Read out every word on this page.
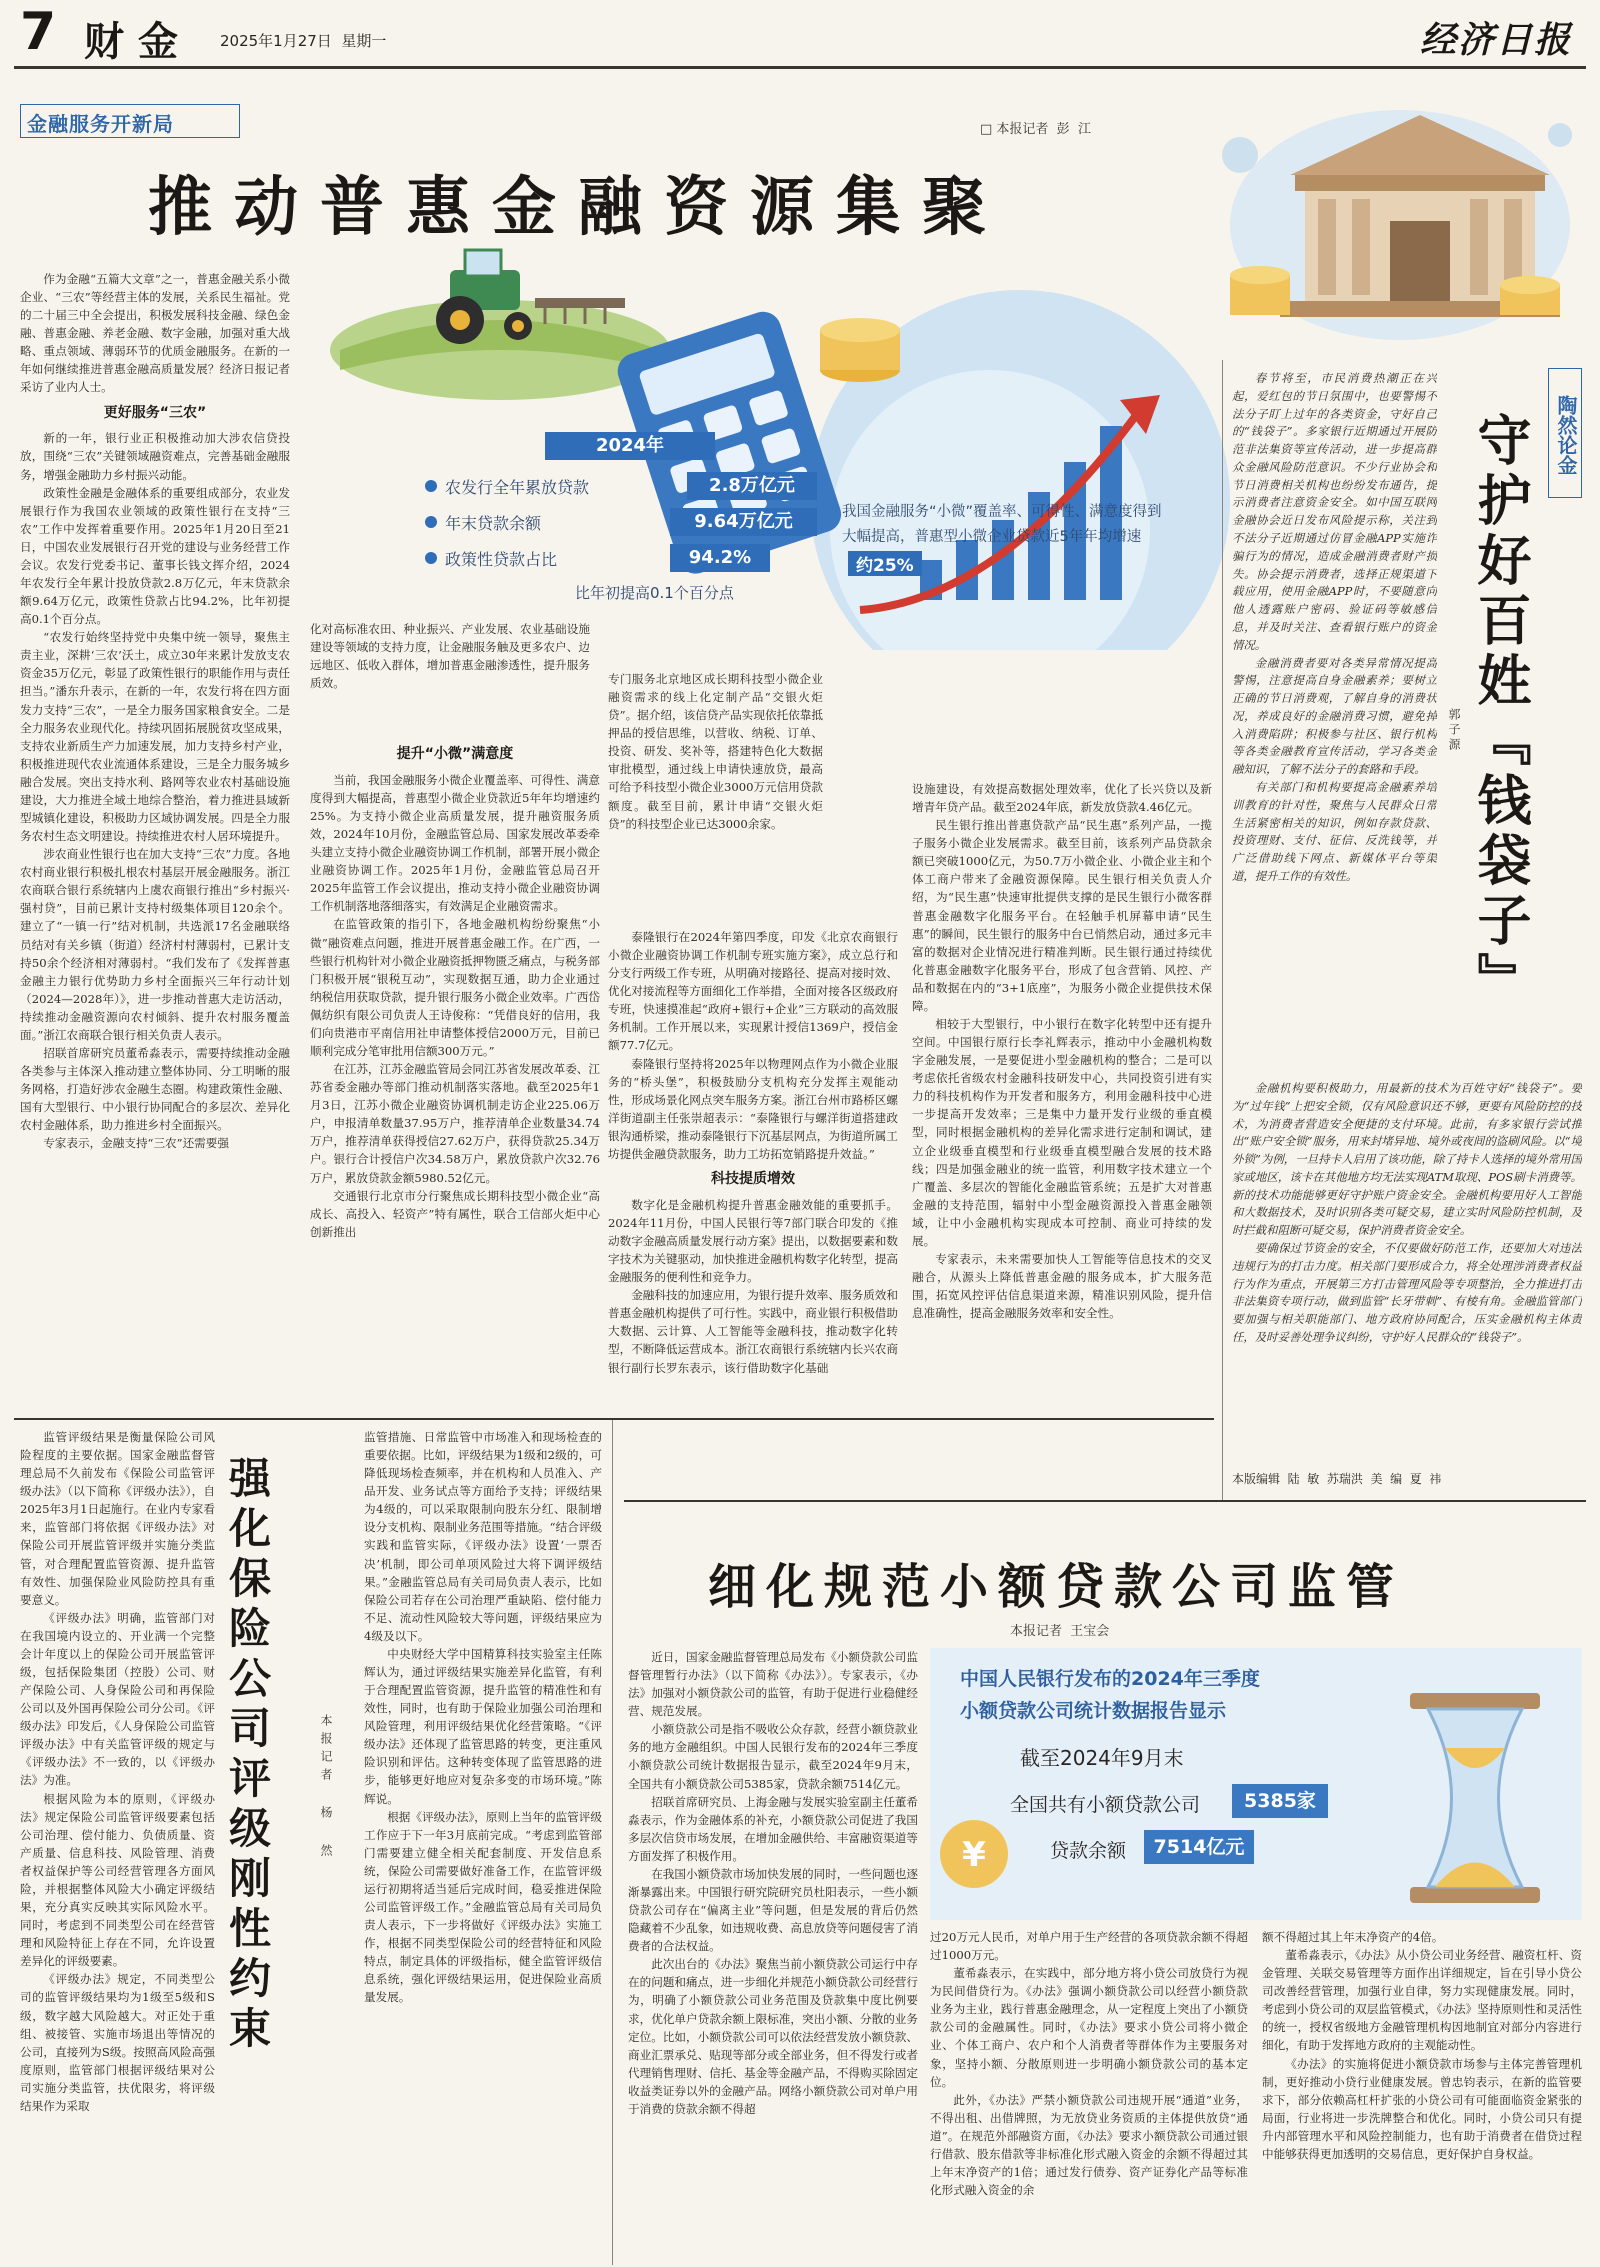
7 财金 2025年1月27日  星期一	经济日报
金融服务开新局	□ 本报记者  彭  江
推动普惠金融资源集聚
2024年
农发行全年累放贷款	2.8万亿元
年末贷款余额	9.64万亿元
政策性贷款占比	94.2%
比年初提高0.1个百分点
我国金融服务“小微”覆盖率、可得性、满意度得到大幅提高，普惠型小微企业贷款近5年年均增速 约25%

作为金融“五篇大文章”之一，普惠金融关系小微企业、“三农”等经营主体的发展，关系民生福祉。党的二十届三中全会提出，积极发展科技金融、绿色金融、普惠金融、养老金融、数字金融，加强对重大战略、重点领域、薄弱环节的优质金融服务。在新的一年如何继续推进普惠金融高质量发展？经济日报记者采访了业内人士。

更好服务“三农”

新的一年，银行业正积极推动加大涉农信贷投放，围绕“三农”关键领域融资难点，完善基础金融服务，增强金融助力乡村振兴动能。

政策性金融是金融体系的重要组成部分，农业发展银行作为我国农业领域的政策性银行在支持“三农”工作中发挥着重要作用。2025年1月20日至21日，中国农业发展银行召开党的建设与业务经营工作会议。农发行党委书记、董事长钱文挥介绍，2024年农发行全年累计投放贷款2.8万亿元，年末贷款余额9.64万亿元，政策性贷款占比94.2%，比年初提高0.1个百分点。

“农发行始终坚持党中央集中统一领导，聚焦主责主业，深耕‘三农’沃土，成立30年来累计发放支农资金35万亿元，彰显了政策性银行的职能作用与责任担当。”潘东升表示，在新的一年，农发行将在四方面发力支持“三农”，一是全力服务国家粮食安全。二是全力服务农业现代化。持续巩固拓展脱贫攻坚成果，支持农业新质生产力加速发展，加力支持乡村产业，积极推进现代农业流通体系建设，三是全力服务城乡融合发展。突出支持水利、路网等农业农村基础设施建设，大力推进全域土地综合整治，着力推进县域新型城镇化建设，积极助力区域协调发展。四是全力服务农村生态文明建设。持续推进农村人居环境提升。

涉农商业性银行也在加大支持“三农”力度。各地农村商业银行积极扎根农村基层开展金融服务。浙江农商联合银行系统辖内上虞农商银行推出“乡村振兴·强村贷”，目前已累计支持村级集体项目120余个。建立了“一镇一行”结对机制，共选派17名金融联络员结对有关乡镇（街道）经济村村薄弱村，已累计支持50余个经济相对薄弱村。“我们发布了《发挥普惠金融主力银行优势助力乡村全面振兴三年行动计划（2024—2028年）》，进一步推动普惠大走访活动，持续推动金融资源向农村倾斜、提升农村服务覆盖面。”浙江农商联合银行相关负责人表示。

招联首席研究员董希淼表示，需要持续推动金融各类参与主体深入推动建立整体协同、分工明晰的服务网格，打造好涉农金融生态圈。构建政策性金融、国有大型银行、中小银行协同配合的多层次、差异化农村金融体系，助力推进乡村全面振兴。

专家表示，金融支持“三农”还需要强

化对高标准农田、种业振兴、产业发展、农业基础设施建设等领域的支持力度，让金融服务触及更多农户、边远地区、低收入群体，增加普惠金融渗透性，提升服务质效。	专门服务北京地区成长期科技型小微企业融资需求的线上化定制产品“交银火炬贷”。据介绍，该信贷产品实现依托依靠抵押品的授信思维，以营收、纳税、订单、投资、研发、奖补等，搭建特色化大数据审批模型，通过线上申请快速放贷，最高可给予科技型小微企业3000万元信用贷款额度。截至目前，累计申请“交银火炬贷”的科技型企业已达3000余家。

提升“小微”满意度

当前，我国金融服务小微企业覆盖率、可得性、满意度得到大幅提高，普惠型小微企业贷款近5年年均增速约25%。为支持小微企业高质量发展，提升融资服务质效，2024年10月份，金融监管总局、国家发展改革委牵头建立支持小微企业融资协调工作机制，部署开展小微企业融资协调工作。2025年1月份，金融监管总局召开2025年监管工作会议提出，推动支持小微企业融资协调工作机制落地落细落实，有效满足企业融资需求。

在监管政策的指引下，各地金融机构纷纷聚焦“小微”融资难点问题，推进开展普惠金融工作。在广西，一些银行机构针对小微企业融资抵押物匮乏痛点，与税务部门积极开展“银税互动”，实现数据互通，助力企业通过纳税信用获取贷款，提升银行服务小微企业效率。广西岱佩纺织有限公司负责人王诗俊称：“凭借良好的信用，我们向贵港市平南信用社申请整体授信2000万元，目前已顺利完成分笔审批用信额300万元。”

在江苏，江苏金融监管局会同江苏省发展改革委、江苏省委金融办等部门推动机制落实落地。截至2025年1月3日，江苏小微企业融资协调机制走访企业225.06万户，申报清单数量37.95万户，推荐清单企业数量34.74万户，推荐清单获得授信27.62万户，获得贷款25.34万户。银行合计授信户次34.58万户，累放贷款户次32.76万户，累放贷款金额5980.52亿元。

交通银行北京市分行聚焦成长期科技型小微企业“高成长、高投入、轻资产”特有属性，联合工信部火炬中心创新推出

泰隆银行在2024年第四季度，印发《北京农商银行小微企业融资协调工作机制专班实施方案》，成立总行和分支行两级工作专班，从明确对接路径、提高对接时效、优化对接流程等方面细化工作举措，全面对接各区级政府专班，快速摸准起“政府+银行+企业”三方联动的高效服务机制。工作开展以来，实现累计授信1369户，授信金额77.7亿元。

泰隆银行坚持将2025年以物理网点作为小微企业服务的“桥头堡”，积极鼓励分支机构充分发挥主观能动性，形成场景化网点突车服务方案。浙江台州市路桥区螺洋街道副主任张崇超表示：“泰隆银行与螺洋街道搭建政银沟通桥梁，推动泰隆银行下沉基层网点，为街道所属工坊提供金融贷款服务，助力工坊拓宽销路提升效益。”

科技提质增效

数字化是金融机构提升普惠金融效能的重要抓手。2024年11月份，中国人民银行等7部门联合印发的《推动数字金融高质量发展行动方案》提出，以数据要素和数字技术为关键驱动，加快推进金融机构数字化转型，提高金融服务的便利性和竞争力。

金融科技的加速应用，为银行提升效率、服务质效和普惠金融机构提供了可行性。实践中，商业银行积极借助大数据、云计算、人工智能等金融科技，推动数字化转型，不断降低运营成本。浙江农商银行系统辖内长兴农商银行副行长罗东表示，该行借助数字化基础

设施建设，有效提高数据处理效率，优化了长兴贷以及新增青年贷产品。截至2024年底，新发放贷款4.46亿元。

民生银行推出普惠贷款产品“民生惠”系列产品，一揽子服务小微企业发展需求。截至目前，该系列产品贷款余额已突破1000亿元，为50.7万小微企业、小微企业主和个体工商户带来了金融资源保障。民生银行相关负责人介绍，为“民生惠”快速审批提供支撑的是民生银行小微客群普惠金融数字化服务平台。在轻触手机屏幕申请“民生惠”的瞬间，民生银行的服务中台已悄然启动，通过多元丰富的数据对企业情况进行精准判断。民生银行通过持续优化普惠金融数字化服务平台，形成了包含营销、风控、产品和数据在内的“3+1底座”，为服务小微企业提供技术保障。

相较于大型银行，中小银行在数字化转型中还有提升空间。中国银行原行长李礼辉表示，推动中小金融机构数字金融发展，一是要促进小型金融机构的整合；二是可以考虑依托省级农村金融科技研发中心，共同投资引进有实力的科技机构作为开发者和服务方，利用金融科技中心进一步提高开发效率；三是集中力量开发行业级的垂直模型，同时根据金融机构的差异化需求进行定制和调试，建立企业级垂直模型和行业级垂直模型融合发展的技术路线；四是加强金融业的统一监管，利用数字技术建立一个广覆盖、多层次的智能化金融监管系统；五是扩大对普惠金融的支持范围，辐射中小型金融资源投入普惠金融领域，让中小金融机构实现成本可控制、商业可持续的发展。

专家表示，未来需要加快人工智能等信息技术的交叉融合，从源头上降低普惠金融的服务成本，扩大服务范围，拓宽风控评估信息渠道来源，精准识别风险，提升信息准确性，提高金融服务效率和安全性。

陶然论金
守护好百姓『钱袋子』
郭子源

春节将至，市民消费热潮正在兴起，爱红包的节日氛围中，也要警惕不法分子盯上过年的各类资金，守好自己的“钱袋子”。多家银行近期通过开展防范非法集资等宣传活动，进一步提高群众金融风险防范意识。不少行业协会和节日消费相关机构也纷纷发布通告，提示消费者注意资金安全。如中国互联网金融协会近日发布风险提示称，关注到不法分子近期通过仿冒金融APP实施诈骗行为的情况，造成金融消费者财产损失。协会提示消费者，选择正规渠道下载应用，使用金融APP时，不要随意向他人透露账户密码、验证码等敏感信息，并及时关注、查看银行账户的资金情况。

金融消费者要对各类异常情况提高警惕，注意提高自身金融素养；要树立正确的节日消费观，了解自身的消费状况，养成良好的金融消费习惯，避免掉入消费陷阱；积极参与社区、银行机构等各类金融教育宣传活动，学习各类金融知识，了解不法分子的套路和手段。

有关部门和机构要提高金融素养培训教育的针对性，聚焦与人民群众日常生活紧密相关的知识，例如存款贷款、投资理财、支付、征信、反洗钱等，并广泛借助线下网点、新媒体平台等渠道，提升工作的有效性。

金融机构要积极助力，用最新的技术为百姓守好“钱袋子”。要为“过年钱”上把安全锁，仅有风险意识还不够，更要有风险防控的技术，为消费者营造安全便捷的支付环境。此前，有多家银行尝试推出“账户安全锁”服务，用来封堵异地、境外或夜间的盗刷风险。以“境外锁”为例，一旦持卡人启用了该功能，除了持卡人选择的境外常用国家或地区，该卡在其他地方均无法实现ATM取现、POS刷卡消费等。新的技术功能能够更好守护账户资金安全。金融机构要用好人工智能和大数据技术，及时识别各类可疑交易，建立实时风险防控机制，及时拦截和阻断可疑交易，保护消费者资金安全。

要确保过节资金的安全，不仅要做好防范工作，还要加大对违法违规行为的打击力度。相关部门要形成合力，将全处理涉消费者权益行为作为重点，开展第三方打击管理风险等专项整治，全力推进打击非法集资专项行动，做到监管“长牙带刺”、有棱有角。金融监管部门要加强与相关职能部门、地方政府协同配合，压实金融机构主体责任，及时妥善处理争议纠纷，守护好人民群众的“钱袋子”。

本版编辑  陆  敏  苏瑞洪  美  编  夏  祎

监管评级结果是衡量保险公司风险程度的主要依据。国家金融监督管理总局不久前发布《保险公司监管评级办法》（以下简称《评级办法》），自2025年3月1日起施行。在业内专家看来，监管部门将依据《评级办法》对保险公司开展监管评级并实施分类监管，对合理配置监管资源、提升监管有效性、加强保险业风险防控具有重要意义。

《评级办法》明确，监管部门对在我国境内设立的、开业满一个完整会计年度以上的保险公司开展监管评级，包括保险集团（控股）公司、财产保险公司、人身保险公司和再保险公司以及外国再保险公司分公司。《评级办法》印发后，《人身保险公司监管评级办法》中有关监管评级的规定与《评级办法》不一致的，以《评级办法》为准。

根据风险为本的原则，《评级办法》规定保险公司监管评级要素包括公司治理、偿付能力、负债质量、资产质量、信息科技、风险管理、消费者权益保护等公司经营管理各方面风险，并根据整体风险大小确定评级结果，充分真实反映其实际风险水平。同时，考虑到不同类型公司在经营管理和风险特征上存在不同，允许设置差异化的评级要素。

《评级办法》规定，不同类型公司的监管评级结果均为1级至5级和S级，数字越大风险越大。对正处于重组、被接管、实施市场退出等情况的公司，直接列为S级。按照高风险高强度原则，监管部门根据评级结果对公司实施分类监管，扶优限劣，将评级结果作为采取

强化保险公司评级刚性约束	本报记者 杨 然

监管措施、日常监管中市场准入和现场检查的重要依据。比如，评级结果为1级和2级的，可降低现场检查频率，并在机构和人员准入、产品开发、业务试点等方面给予支持；评级结果为4级的，可以采取限制向股东分红、限制增设分支机构、限制业务范围等措施。“结合评级实践和监管实际，《评级办法》设置‘一票否决’机制，即公司单项风险过大将下调评级结果。”金融监管总局有关司局负责人表示，比如保险公司若存在公司治理严重缺陷、偿付能力不足、流动性风险较大等问题，评级结果应为4级及以下。

中央财经大学中国精算科技实验室主任陈辉认为，通过评级结果实施差异化监管，有利于合理配置监管资源，提升监管的精准性和有效性，同时，也有助于保险业加强公司治理和风险管理，利用评级结果优化经营策略。“《评级办法》还体现了监管思路的转变，更注重风险识别和评估。这种转变体现了监管思路的进步，能够更好地应对复杂多变的市场环境。”陈辉说。

根据《评级办法》，原则上当年的监管评级工作应于下一年3月底前完成。“考虑到监管部门需要建立健全相关配套制度、开发信息系统，保险公司需要做好准备工作，在监管评级运行初期将适当延后完成时间，稳妥推进保险公司监管评级工作。”金融监管总局有关司局负责人表示，下一步将做好《评级办法》实施工作，根据不同类型保险公司的经营特征和风险特点，制定具体的评级指标，健全监管评级信息系统，强化评级结果运用，促进保险业高质量发展。

细化规范小额贷款公司监管
本报记者  王宝会

近日，国家金融监督管理总局发布《小额贷款公司监督管理暂行办法》（以下简称《办法》）。专家表示，《办法》加强对小额贷款公司的监管，有助于促进行业稳健经营、规范发展。

小额贷款公司是指不吸收公众存款，经营小额贷款业务的地方金融组织。中国人民银行发布的2024年三季度小额贷款公司统计数据报告显示，截至2024年9月末，全国共有小额贷款公司5385家，贷款余额7514亿元。

招联首席研究员、上海金融与发展实验室副主任董希淼表示，作为金融体系的补充，小额贷款公司促进了我国多层次信贷市场发展，在增加金融供给、丰富融资渠道等方面发挥了积极作用。

在我国小额贷款市场加快发展的同时，一些问题也逐渐暴露出来。中国银行研究院研究员杜阳表示，一些小额贷款公司存在“偏离主业”等问题，但是发展的背后仍然隐藏着不少乱象，如违规收费、高息放贷等问题侵害了消费者的合法权益。

此次出台的《办法》聚焦当前小额贷款公司运行中存在的问题和痛点，进一步细化并规范小额贷款公司经营行为，明确了小额贷款公司业务范围及贷款集中度比例要求，优化单户贷款余额上限标准，突出小额、分散的业务定位。比如，小额贷款公司可以依法经营发放小额贷款、商业汇票承兑、贴现等部分或全部业务，但不得发行或者代理销售理财、信托、基金等金融产品，不得购买除固定收益类证券以外的金融产品。网络小额贷款公司对单户用于消费的贷款余额不得超

中国人民银行发布的2024年三季度
小额贷款公司统计数据报告显示
截至2024年9月末
全国共有小额贷款公司	5385家
贷款余额	7514亿元
¥

过20万元人民币，对单户用于生产经营的各项贷款余额不得超过1000万元。

董希淼表示，在实践中，部分地方将小贷公司放贷行为视为民间借贷行为。《办法》强调小额贷款公司以经营小额贷款业务为主业，践行普惠金融理念，从一定程度上突出了小额贷款公司的金融属性。同时，《办法》要求小贷公司将小微企业、个体工商户、农户和个人消费者等群体作为主要服务对象，坚持小额、分散原则进一步明确小额贷款公司的基本定位。

此外，《办法》严禁小额贷款公司违规开展“通道”业务，不得出租、出借牌照，为无放贷业务资质的主体提供放贷“通道”。在规范外部融资方面，《办法》要求小额贷款公司通过银行借款、股东借款等非标准化形式融入资金的余额不得超过其上年末净资产的1倍；通过发行债券、资产证券化产品等标准化形式融入资金的余

额不得超过其上年末净资产的4倍。

董希淼表示，《办法》从小贷公司业务经营、融资杠杆、资金管理、关联交易管理等方面作出详细规定，旨在引导小贷公司改善经营管理，加强行业自律，努力实现健康发展。同时，考虑到小贷公司的双层监管模式，《办法》坚持原则性和灵活性的统一，授权省级地方金融管理机构因地制宜对部分内容进行细化，有助于发挥地方政府的主观能动性。

《办法》的实施将促进小额贷款市场参与主体完善管理机制，更好推动小贷行业健康发展。曾忠钧表示，在新的监管要求下，部分依赖高杠杆扩张的小贷公司有可能面临资金紧张的局面，行业将进一步洗牌整合和优化。同时，小贷公司只有提升内部管理水平和风险控制能力，也有助于消费者在借贷过程中能够获得更加透明的交易信息，更好保护自身权益。
